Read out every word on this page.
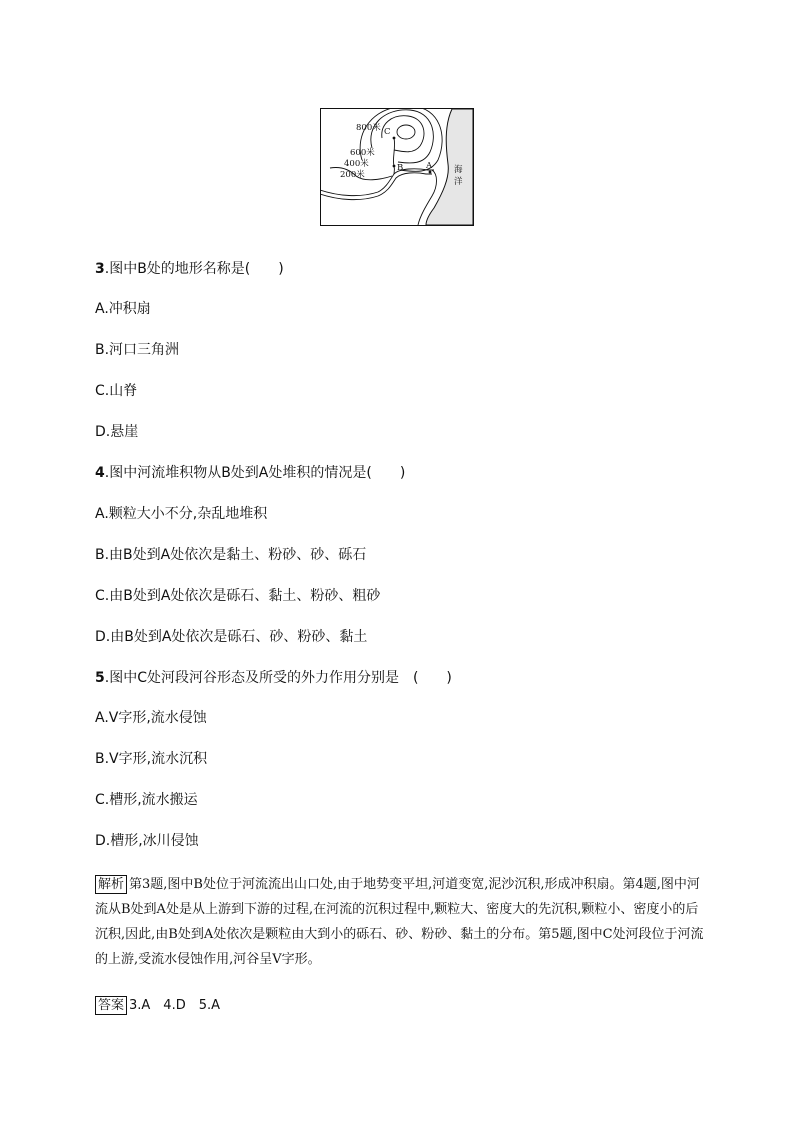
800米
600米
400米
200米
C
B	A	海
洋
3.图中B处的地形名称是(　　)
A.冲积扇
B.河口三角洲
C.山脊
D.悬崖
4.图中河流堆积物从B处到A处堆积的情况是(　　)
A.颗粒大小不分,杂乱地堆积
B.由B处到A处依次是黏土、粉砂、砂、砾石
C.由B处到A处依次是砾石、黏土、粉砂、粗砂
D.由B处到A处依次是砾石、砂、粉砂、黏土
5.图中C处河段河谷形态及所受的外力作用分别是　(　　)
A.V字形,流水侵蚀
B.V字形,流水沉积
C.槽形,流水搬运
D.槽形,冰川侵蚀
解析 第3题,图中B处位于河流流出山口处,由于地势变平坦,河道变宽,泥沙沉积,形成冲积扇。第4题,图中河流从B处到A处是从上游到下游的过程,在河流的沉积过程中,颗粒大、密度大的先沉积,颗粒小、密度小的后沉积,因此,由B处到A处依次是颗粒由大到小的砾石、砂、粉砂、黏土的分布。第5题,图中C处河段位于河流的上游,受流水侵蚀作用,河谷呈V字形。
答案 3.A　4.D　5.A
